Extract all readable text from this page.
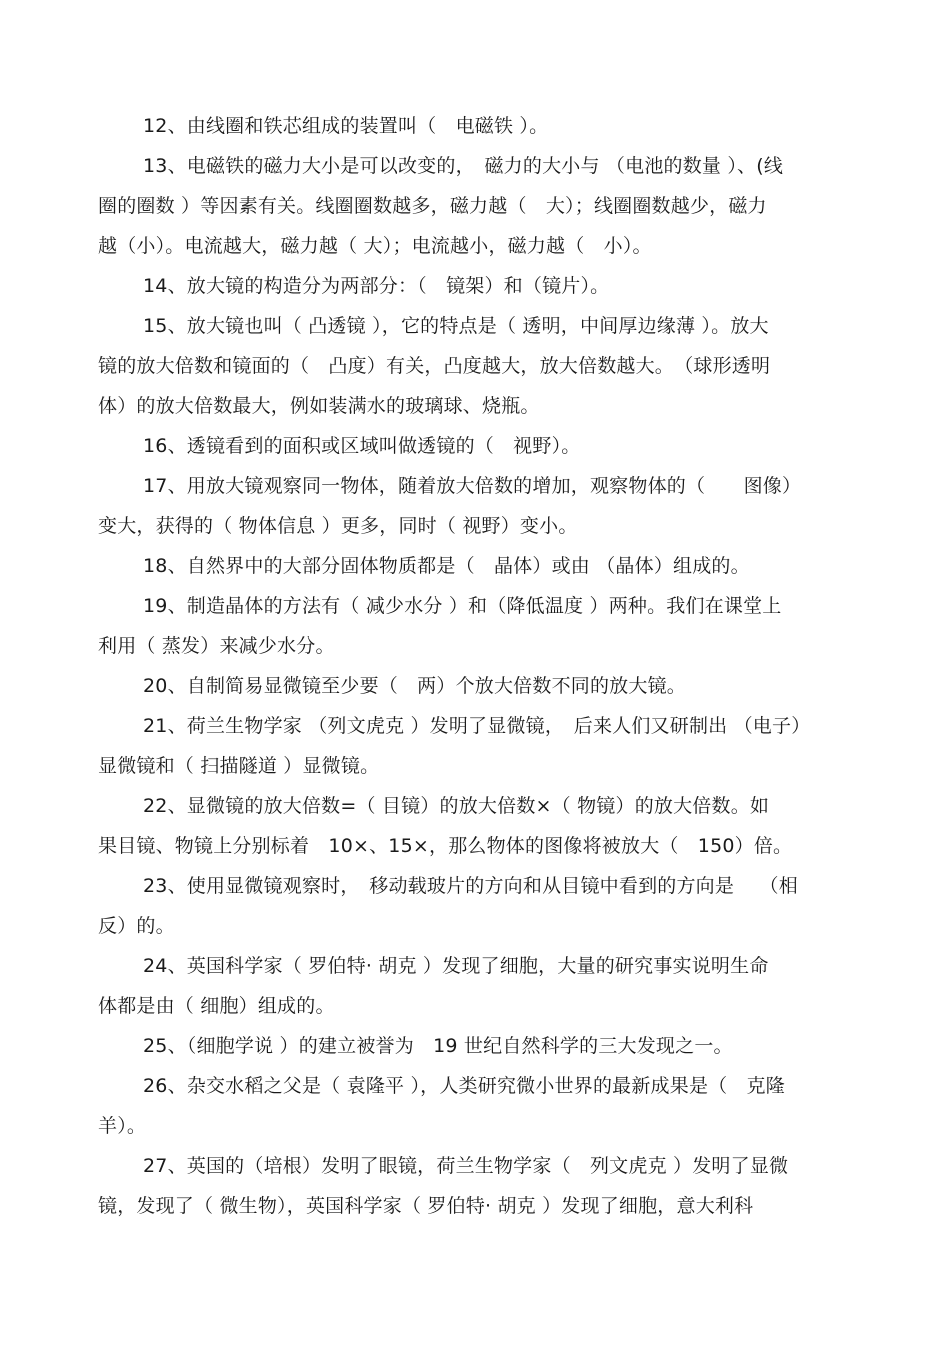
12、由线圈和铁芯组成的装置叫（　电磁铁 ）。
13、电磁铁的磁力大小是可以改变的，　磁力的大小与 （电池的数量 ）、(线
圈的圈数 ）等因素有关。线圈圈数越多，磁力越（　大）；线圈圈数越少，磁力
越（小）。电流越大，磁力越（ 大）；电流越小，磁力越（　小）。
14、放大镜的构造分为两部分：（　镜架）和（镜片）。
15、放大镜也叫（ 凸透镜 ），它的特点是（ 透明，中间厚边缘薄 ）。放大
镜的放大倍数和镜面的（　凸度）有关，凸度越大，放大倍数越大。　（球形透明
体）的放大倍数最大，例如装满水的玻璃球、烧瓶。
16、透镜看到的面积或区域叫做透镜的（　视野）。
17、用放大镜观察同一物体，随着放大倍数的增加，观察物体的（　　图像）
变大，获得的（ 物体信息 ）更多，同时（ 视野）变小。
18、自然界中的大部分固体物质都是（　晶体）或由 （晶体）组成的。
19、制造晶体的方法有（ 减少水分 ）和（降低温度 ）两种。我们在课堂上
利用（ 蒸发）来减少水分。
20、自制简易显微镜至少要（　两）个放大倍数不同的放大镜。
21、荷兰生物学家 （列文虎克 ）发明了显微镜，　后来人们又研制出 （电子）
显微镜和（ 扫描隧道 ）显微镜。
22、显微镜的放大倍数=（ 目镜）的放大倍数×（ 物镜）的放大倍数。如
果目镜、物镜上分别标着　10×、15×，那么物体的图像将被放大（　150）倍。
23、使用显微镜观察时，　移动载玻片的方向和从目镜中看到的方向是　 （相
反）的。
24、英国科学家（ 罗伯特· 胡克 ）发现了细胞，大量的研究事实说明生命
体都是由（ 细胞）组成的。
25、（细胞学说 ）的建立被誉为　19 世纪自然科学的三大发现之一。
26、杂交水稻之父是（ 袁隆平 ），人类研究微小世界的最新成果是（　克隆
羊）。
27、英国的（培根）发明了眼镜，荷兰生物学家（　列文虎克 ）发明了显微
镜，发现了（ 微生物），英国科学家（ 罗伯特· 胡克 ）发现了细胞，意大利科
